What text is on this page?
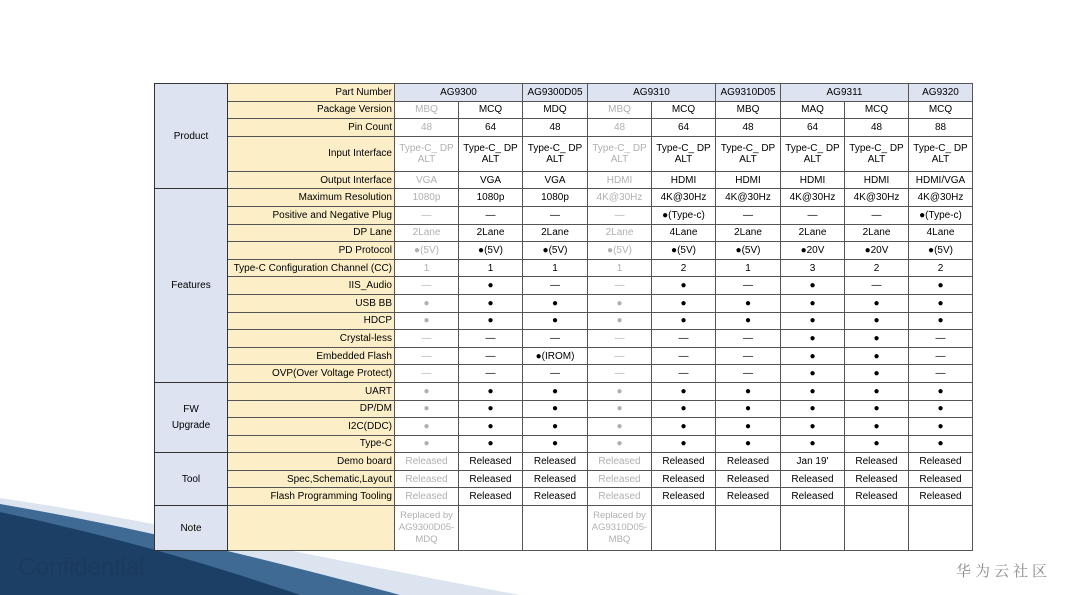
Product	Part Number	AG9300		AG9300D05	AG9310		AG9310D05	AG9311		AG9320
	Package Version	MBQ	MCQ	MDQ	MBQ	MCQ	MBQ	MAQ	MCQ	MCQ
	Pin Count	48	64	48	48	64	48	64	48	88
	Input Interface	Type-C_ DP ALT	Type-C_ DP ALT	Type-C_ DP ALT	Type-C_ DP ALT	Type-C_ DP ALT	Type-C_ DP ALT	Type-C_ DP ALT	Type-C_ DP ALT	Type-C_ DP ALT
	Output Interface	VGA	VGA	VGA	HDMI	HDMI	HDMI	HDMI	HDMI	HDMI/VGA
Features	Maximum Resolution	1080p	1080p	1080p	4K@30Hz	4K@30Hz	4K@30Hz	4K@30Hz	4K@30Hz	4K@30Hz
	Positive and Negative Plug	—	—	—	—	●(Type-c)	—	—	—	●(Type-c)
	DP Lane	2Lane	2Lane	2Lane	2Lane	4Lane	2Lane	2Lane	2Lane	4Lane
	PD Protocol	●(5V)	●(5V)	●(5V)	●(5V)	●(5V)	●(5V)	●20V	●20V	●(5V)
	Type-C Configuration Channel (CC)	1	1	1	1	2	1	3	2	2
	IIS_Audio	—	●	—	—	●	—	●	—	●
	USB BB	●	●	●	●	●	●	●	●	●
	HDCP	●	●	●	●	●	●	●	●	●
	Crystal-less	—	—	—	—	—	—	●	●	—
	Embedded Flash	—	—	●(IROM)	—	—	—	●	●	—
	OVP(Over Voltage Protect)	—	—	—	—	—	—	●	●	—

FW
Upgrade	UART	●	●	●	●	●	●	●	●	●
	DP/DM	●	●	●	●	●	●	●	●	●
	I2C(DDC)	●	●	●	●	●	●	●	●	●
	Type-C	●	●	●	●	●	●	●	●	●
Tool	Demo board	Released	Released	Released	Released	Released	Released	Jan 19'	Released	Released
	Spec,Schematic,Layout	Released	Released	Released	Released	Released	Released	Released	Released	Released
	Flash Programming Tooling	Released	Released	Released	Released	Released	Released	Released	Released	Released
Note		Replaced by AG9300D05-MDQ			Replaced by AG9310D05-MBQ					
Confidential	华为云社区
